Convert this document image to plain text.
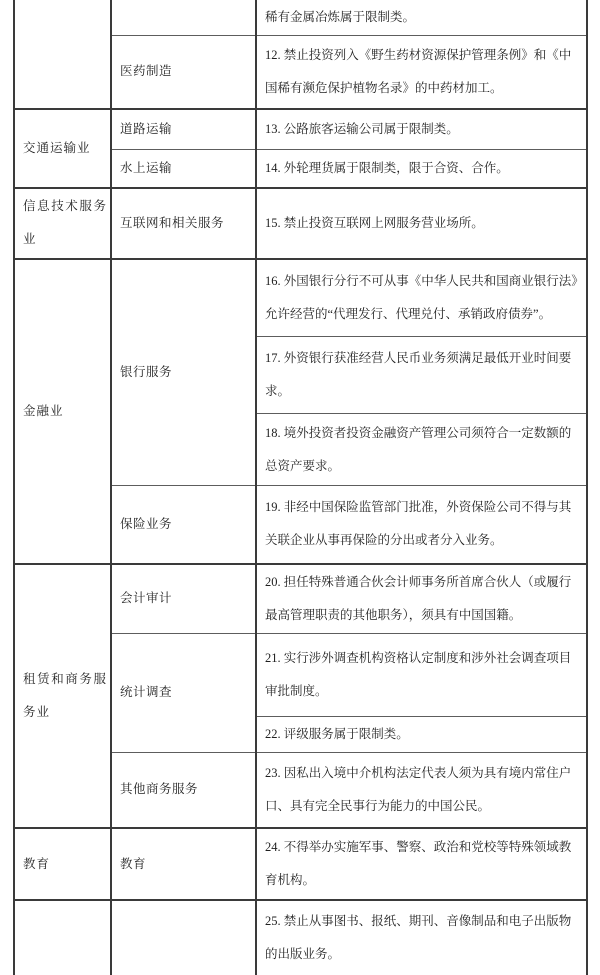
		稀有金属冶炼属于限制类。
	医药制造	12. 禁止投资列入《野生药材资源保护管理条例》和《中国稀有濒危保护植物名录》的中药材加工。
交通运输业	道路运输	13. 公路旅客运输公司属于限制类。
	水上运输	14. 外轮理货属于限制类，限于合资、合作。
信息技术服务业	互联网和相关服务	15. 禁止投资互联网上网服务营业场所。
金融业	银行服务	16. 外国银行分行不可从事《中华人民共和国商业银行法》允许经营的“代理发行、代理兑付、承销政府债券”。
		17. 外资银行获准经营人民币业务须满足最低开业时间要求。
		18. 境外投资者投资金融资产管理公司须符合一定数额的总资产要求。
	保险业务	19. 非经中国保险监管部门批准，外资保险公司不得与其关联企业从事再保险的分出或者分入业务。
租赁和商务服务业	会计审计	20. 担任特殊普通合伙会计师事务所首席合伙人（或履行最高管理职责的其他职务），须具有中国国籍。
	统计调查	21. 实行涉外调查机构资格认定制度和涉外社会调查项目审批制度。
		22. 评级服务属于限制类。
	其他商务服务	23. 因私出入境中介机构法定代表人须为具有境内常住户口、具有完全民事行为能力的中国公民。
教育	教育	24. 不得举办实施军事、警察、政治和党校等特殊领域教育机构。
		25. 禁止从事图书、报纸、期刊、音像制品和电子出版物的出版业务。
